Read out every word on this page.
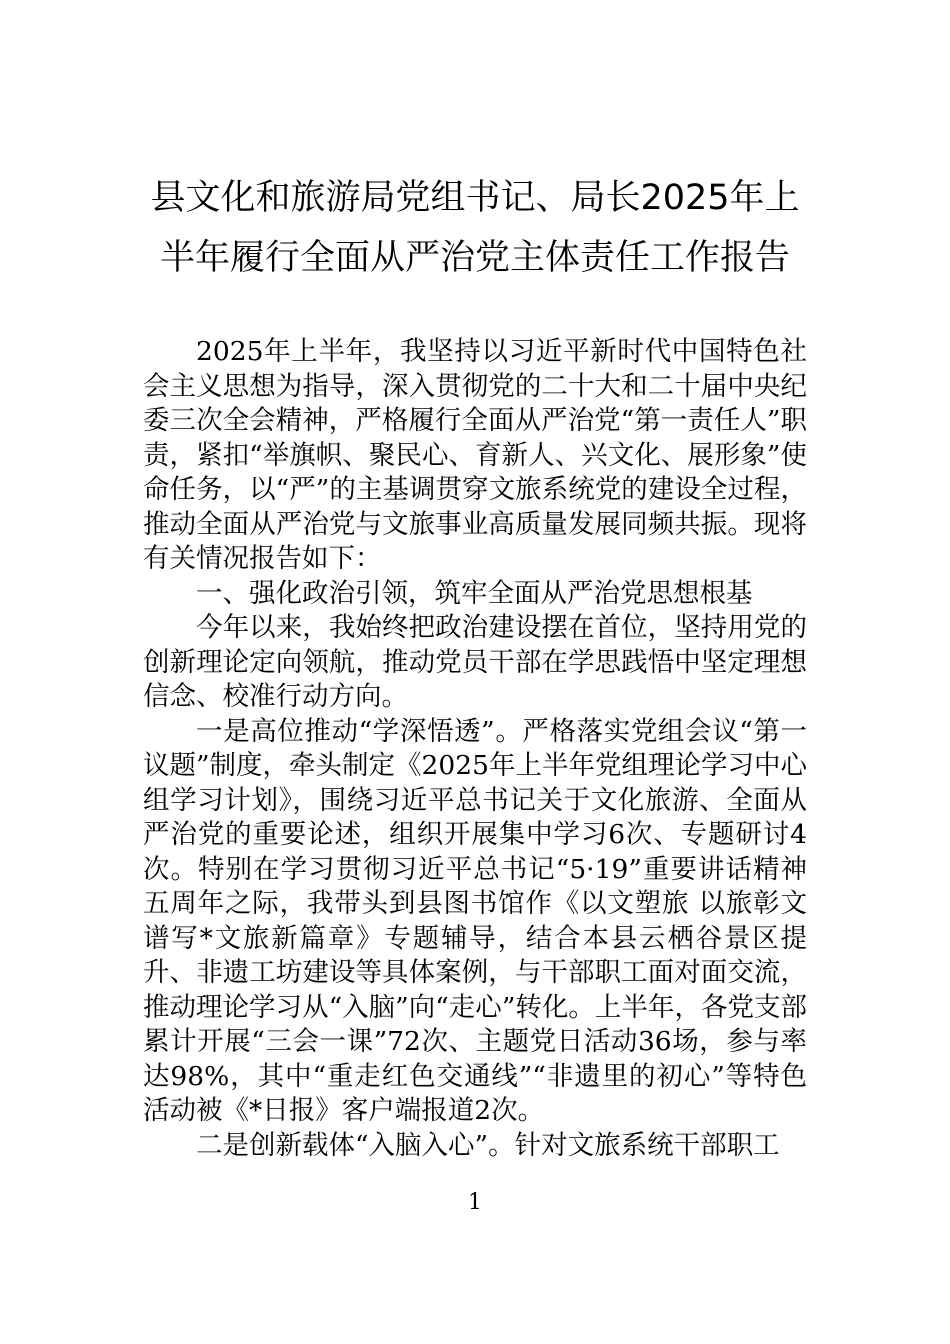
县文化和旅游局党组书记、局长2025年上
半年履行全面从严治党主体责任工作报告

2025年上半年，我坚持以习近平新时代中国特色社会主义思想为指导，深入贯彻党的二十大和二十届中央纪委三次全会精神，严格履行全面从严治党“第一责任人”职责，紧扣“举旗帜、聚民心、育新人、兴文化、展形象”使命任务，以“严”的主基调贯穿文旅系统党的建设全过程，推动全面从严治党与文旅事业高质量发展同频共振。现将有关情况报告如下：

一、强化政治引领，筑牢全面从严治党思想根基

今年以来，我始终把政治建设摆在首位，坚持用党的创新理论定向领航，推动党员干部在学思践悟中坚定理想信念、校准行动方向。

一是高位推动“学深悟透”。严格落实党组会议“第一议题”制度，牵头制定《2025年上半年党组理论学习中心组学习计划》，围绕习近平总书记关于文化旅游、全面从严治党的重要论述，组织开展集中学习6次、专题研讨4次。特别在学习贯彻习近平总书记“5·19”重要讲话精神五周年之际，我带头到县图书馆作《以文塑旅 以旅彰文 谱写*文旅新篇章》专题辅导，结合本县云栖谷景区提升、非遗工坊建设等具体案例，与干部职工面对面交流，推动理论学习从“入脑”向“走心”转化。上半年，各党支部累计开展“三会一课”72次、主题党日活动36场，参与率达98%，其中“重走红色交通线”“非遗里的初心”等特色活动被《*日报》客户端报道2次。

二是创新载体“入脑入心”。针对文旅系统干部职工

1
